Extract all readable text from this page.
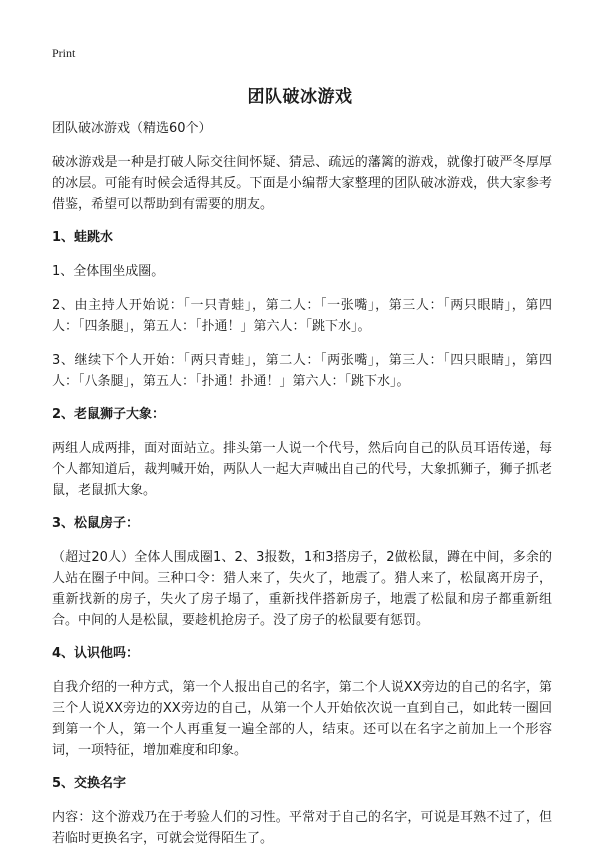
Print
团队破冰游戏

团队破冰游戏（精选60个）

破冰游戏是一种是打破人际交往间怀疑、猜忌、疏远的藩篱的游戏，就像打破严冬厚厚的冰层。可能有时候会适得其反。下面是小编帮大家整理的团队破冰游戏，供大家参考借鉴，希望可以帮助到有需要的朋友。

1、蛙跳水

1、全体围坐成圈。

2、由主持人开始说：「一只青蛙」，第二人：「一张嘴」，第三人：「两只眼睛」，第四人：「四条腿」，第五人：「扑通！」第六人：「跳下水」。

3、继续下个人开始：「两只青蛙」，第二人：「两张嘴」，第三人：「四只眼睛」，第四人：「八条腿」，第五人：「扑通！扑通！」第六人：「跳下水」。

2、老鼠狮子大象：

两组人成两排，面对面站立。排头第一人说一个代号，然后向自己的队员耳语传递，每个人都知道后，裁判喊开始，两队人一起大声喊出自己的代号，大象抓狮子，狮子抓老鼠，老鼠抓大象。

3、松鼠房子：

（超过20人）全体人围成圈1、2、3报数，1和3搭房子，2做松鼠，蹲在中间，多余的人站在圈子中间。三种口令：猎人来了，失火了，地震了。猎人来了，松鼠离开房子，重新找新的房子，失火了房子塌了，重新找伴搭新房子，地震了松鼠和房子都重新组合。中间的人是松鼠，要趁机抢房子。没了房子的松鼠要有惩罚。

4、认识他吗：

自我介绍的一种方式，第一个人报出自己的名字，第二个人说XX旁边的自己的名字，第三个人说XX旁边的XX旁边的自己，从第一个人开始依次说一直到自己，如此转一圈回到第一个人，第一个人再重复一遍全部的人，结束。还可以在名字之前加上一个形容词，一项特征，增加难度和印象。

5、交换名字

内容：这个游戏乃在于考验人们的习性。平常对于自己的名字，可说是耳熟不过了，但若临时更换名字，可就会觉得陌生了。
